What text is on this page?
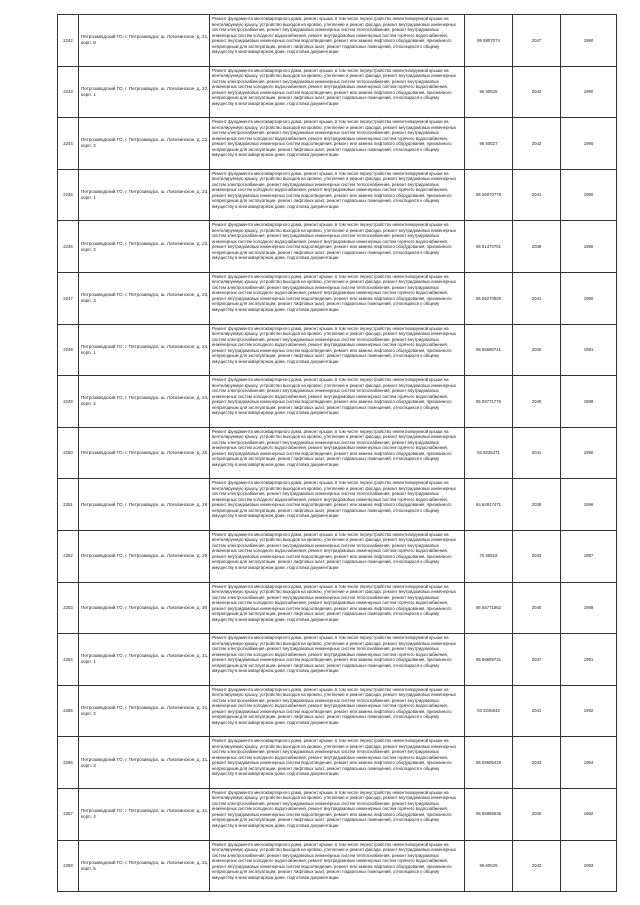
2242	Петрозаводский ГО, г. Петрозаводск, ш. Лososинское, д. 21, корп. 8	Ремонт фундамента многоквартирного дома, ремонт крыши, в том числе переустройство невентилируемой крыши на вентилируемую крышу, устройство выходов на кровлю, утепление и ремонт фасада, ремонт внутридомовых инженерных систем электроснабжения, ремонт внутридомовых инженерных систем теплоснабжения, ремонт внутридомовых инженерных систем холодного водоснабжения, ремонт внутридомовых инженерных систем горячего водоснабжения, ремонт внутридомовых инженерных систем водоотведения, ремонт или замена лифтового оборудования, признанного непригодным для эксплуатации, ремонт лифтовых шахт, ремонт подвальных помещений, относящихся к общему имуществу в многоквартирном доме, подготовка документации	95 5807074	2047	1990
2243	Петрозаводский ГО, г. Петрозаводск, ш. Лososинское, д. 22, корп. 1	Ремонт фундамента многоквартирного дома, ремонт крыши, в том числе переустройство невентилируемой крыши на вентилируемую крышу, устройство выходов на кровлю, утепление и ремонт фасада, ремонт внутридомовых инженерных систем электроснабжения, ремонт внутридомовых инженерных систем теплоснабжения, ремонт внутридомовых инженерных систем холодного водоснабжения, ремонт внутридомовых инженерных систем горячего водоснабжения, ремонт внутридомовых инженерных систем водоотведения, ремонт или замена лифтового оборудования, признанного непригодным для эксплуатации, ремонт лифтовых шахт, ремонт подвальных помещений, относящихся к общему имуществу в многоквартирном доме, подготовка документации	96 60525	2042	1990
2244	Петрозаводский ГО, г. Петрозаводск, ш. Лososинское, д. 22, корп. 2	Ремонт фундамента многоквартирного дома, ремонт крыши, в том числе переустройство невентилируемой крыши на вентилируемую крышу, устройство выходов на кровлю, утепление и ремонт фасада, ремонт внутридомовых инженерных систем электроснабжения, ремонт внутридомовых инженерных систем теплоснабжения, ремонт внутридомовых инженерных систем холодного водоснабжения, ремонт внутридомовых инженерных систем горячего водоснабжения, ремонт внутридомовых инженерных систем водоотведения, ремонт или замена лифтового оборудования, признанного непригодным для эксплуатации, ремонт лифтовых шахт, ремонт подвальных помещений, относящихся к общему имуществу в многоквартирном доме, подготовка документации	96 60527	2042	1990
2245	Петрозаводский ГО, г. Петрозаводск, ш. Лososинское, д. 23, корп. 1	Ремонт фундамента многоквартирного дома, ремонт крыши, в том числе переустройство невентилируемой крыши на вентилируемую крышу, устройство выходов на кровлю, утепление и ремонт фасада, ремонт внутридомовых инженерных систем электроснабжения, ремонт внутридомовых инженерных систем теплоснабжения, ремонт внутридомовых инженерных систем холодного водоснабжения, ремонт внутридомовых инженерных систем горячего водоснабжения, ремонт внутридомовых инженерных систем водоотведения, ремонт или замена лифтового оборудования, признанного непригодным для эксплуатации, ремонт лифтовых шахт, ремонт подвальных помещений, относящихся к общему имуществу в многоквартирном доме, подготовка документации	95 56070778	2041	1990
2246	Петрозаводский ГО, г. Петрозаводск, ш. Лososинское, д. 23, корп. 2	Ремонт фундамента многоквартирного дома, ремонт крыши, в том числе переустройство невентилируемой крыши на вентилируемую крышу, устройство выходов на кровлю, утепление и ремонт фасада, ремонт внутридомовых инженерных систем электроснабжения, ремонт внутридомовых инженерных систем теплоснабжения, ремонт внутридомовых инженерных систем холодного водоснабжения, ремонт внутридомовых инженерных систем горячего водоснабжения, ремонт внутридомовых инженерных систем водоотведения, ремонт или замена лифтового оборудования, признанного непригодным для эксплуатации, ремонт лифтовых шахт, ремонт подвальных помещений, относящихся к общему имуществу в многоквартирном доме, подготовка документации	95 51470701	2039	1990
2247	Петрозаводский ГО, г. Петрозаводск, ш. Лososинское, д. 23, корп. 3	Ремонт фундамента многоквартирного дома, ремонт крыши, в том числе переустройство невентилируемой крыши на вентилируемую крышу, устройство выходов на кровлю, утепление и ремонт фасада, ремонт внутридомовых инженерных систем электроснабжения, ремонт внутридомовых инженерных систем теплоснабжения, ремонт внутридомовых инженерных систем холодного водоснабжения, ремонт внутридомовых инженерных систем горячего водоснабжения, ремонт внутридомовых инженерных систем водоотведения, ремонт или замена лифтового оборудования, признанного непригодным для эксплуатации, ремонт лифтовых шахт, ремонт подвальных помещений, относящихся к общему имуществу в многоквартирном доме, подготовка документации	95 59270906	2041	1990
2248	Петрозаводский ГО, г. Петрозаводск, ш. Лososинское, д. 24, корп. 1	Ремонт фундамента многоквартирного дома, ремонт крыши, в том числе переустройство невентилируемой крыши на вентилируемую крышу, устройство выходов на кровлю, утепление и ремонт фасада, ремонт внутридомовых инженерных систем электроснабжения, ремонт внутридомовых инженерных систем теплоснабжения, ремонт внутридомовых инженерных систем холодного водоснабжения, ремонт внутридомовых инженерных систем горячего водоснабжения, ремонт внутридомовых инженерных систем водоотведения, ремонт или замена лифтового оборудования, признанного непригодным для эксплуатации, ремонт лифтовых шахт, ремонт подвальных помещений, относящихся к общему имуществу в многоквартирном доме, подготовка документации	95 56680741	2040	1991
2249	Петрозаводский ГО, г. Петрозаводск, ш. Лososинское, д. 24, корп. 2	Ремонт фундамента многоквартирного дома, ремонт крыши, в том числе переустройство невентилируемой крыши на вентилируемую крышу, устройство выходов на кровлю, утепление и ремонт фасада, ремонт внутридомовых инженерных систем электроснабжения, ремонт внутридомовых инженерных систем теплоснабжения, ремонт внутридомовых инженерных систем холодного водоснабжения, ремонт внутридомовых инженерных систем горячего водоснабжения, ремонт внутридомовых инженерных систем водоотведения, ремонт или замена лифтового оборудования, признанного непригодным для эксплуатации, ремонт лифтовых шахт, ремонт подвальных помещений, относящихся к общему имуществу в многоквартирном доме, подготовка документации	95 08771776	2040	1989
2250	Петрозаводский ГО, г. Петрозаводск, ш. Лososинское, д. 25	Ремонт фундамента многоквартирного дома, ремонт крыши, в том числе переустройство невентилируемой крыши на вентилируемую крышу, устройство выходов на кровлю, утепление и ремонт фасада, ремонт внутридомовых инженерных систем электроснабжения, ремонт внутридомовых инженерных систем теплоснабжения, ремонт внутридомовых инженерных систем холодного водоснабжения, ремонт внутридомовых инженерных систем горячего водоснабжения, ремонт внутридомовых инженерных систем водоотведения, ремонт или замена лифтового оборудования, признанного непригодным для эксплуатации, ремонт лифтовых шахт, ремонт подвальных помещений, относящихся к общему имуществу в многоквартирном доме, подготовка документации	92 9236471	2041	1990
2251	Петрозаводский ГО, г. Петрозаводск, ш. Лososинское, д. 28	Ремонт фундамента многоквартирного дома, ремонт крыши, в том числе переустройство невентилируемой крыши на вентилируемую крышу, устройство выходов на кровлю, утепление и ремонт фасада, ремонт внутридомовых инженерных систем электроснабжения, ремонт внутридомовых инженерных систем теплоснабжения, ремонт внутридомовых инженерных систем холодного водоснабжения, ремонт внутридомовых инженерных систем горячего водоснабжения, ремонт внутридомовых инженерных систем водоотведения, ремонт или замена лифтового оборудования, признанного непригодным для эксплуатации, ремонт лифтовых шахт, ремонт подвальных помещений, относящихся к общему имуществу в многоквартирном доме, подготовка документации	84 64917471	2038	1996
2252	Петрозаводский ГО, г. Петрозаводск, ш. Лososинское, д. 29	Ремонт фундамента многоквартирного дома, ремонт крыши, в том числе переустройство невентилируемой крыши на вентилируемую крышу, устройство выходов на кровлю, утепление и ремонт фасада, ремонт внутридомовых инженерных систем электроснабжения, ремонт внутридомовых инженерных систем теплоснабжения, ремонт внутридомовых инженерных систем холодного водоснабжения, ремонт внутридомовых инженерных систем горячего водоснабжения, ремонт внутридомовых инженерных систем водоотведения, ремонт или замена лифтового оборудования, признанного непригодным для эксплуатации, ремонт лифтовых шахт, ремонт подвальных помещений, относящихся к общему имуществу в многоквартирном доме, подготовка документации	75 65518	2043	1987
2253	Петрозаводский ГО, г. Петрозаводск, ш. Лososинское, д. 30	Ремонт фундамента многоквартирного дома, ремонт крыши, в том числе переустройство невентилируемой крыши на вентилируемую крышу, устройство выходов на кровлю, утепление и ремонт фасада, ремонт внутридомовых инженерных систем электроснабжения, ремонт внутридомовых инженерных систем теплоснабжения, ремонт внутридомовых инженерных систем холодного водоснабжения, ремонт внутридомовых инженерных систем горячего водоснабжения, ремонт внутридомовых инженерных систем водоотведения, ремонт или замена лифтового оборудования, признанного непригодным для эксплуатации, ремонт лифтовых шахт, ремонт подвальных помещений, относящихся к общему имуществу в многоквартирном доме, подготовка документации	95 55771862	2040	1989
2254	Петрозаводский ГО, г. Петрозаводск, ш. Лososинское, д. 31, корп. 1	Ремонт фундамента многоквартирного дома, ремонт крыши, в том числе переустройство невентилируемой крыши на вентилируемую крышу, устройство выходов на кровлю, утепление и ремонт фасада, ремонт внутридомовых инженерных систем электроснабжения, ремонт внутридомовых инженерных систем теплоснабжения, ремонт внутридомовых инженерных систем холодного водоснабжения, ремонт внутридомовых инженерных систем горячего водоснабжения, ремонт внутридомовых инженерных систем водоотведения, ремонт или замена лифтового оборудования, признанного непригодным для эксплуатации, ремонт лифтовых шахт, ремонт подвальных помещений, относящихся к общему имуществу в многоквартирном доме, подготовка документации	95 58689731	2047	1991
2255	Петрозаводский ГО, г. Петрозаводск, ш. Лososинское, д. 31, корп. 2	Ремонт фундамента многоквартирного дома, ремонт крыши, в том числе переустройство невентилируемой крыши на вентилируемую крышу, устройство выходов на кровлю, утепление и ремонт фасада, ремонт внутридомовых инженерных систем электроснабжения, ремонт внутридомовых инженерных систем теплоснабжения, ремонт внутридомовых инженерных систем холодного водоснабжения, ремонт внутридомовых инженерных систем горячего водоснабжения, ремонт внутридомовых инженерных систем водоотведения, ремонт или замена лифтового оборудования, признанного непригодным для эксплуатации, ремонт лифтовых шахт, ремонт подвальных помещений, относящихся к общему имуществу в многоквартирном доме, подготовка документации	93 3245642	2041	1992
2256	Петрозаводский ГО, г. Петрозаводск, ш. Лososинское, д. 31, корп. 3	Ремонт фундамента многоквартирного дома, ремонт крыши, в том числе переустройство невентилируемой крыши на вентилируемую крышу, устройство выходов на кровлю, утепление и ремонт фасада, ремонт внутридомовых инженерных систем электроснабжения, ремонт внутридомовых инженерных систем теплоснабжения, ремонт внутридомовых инженерных систем холодного водоснабжения, ремонт внутридомовых инженерных систем горячего водоснабжения, ремонт внутридомовых инженерных систем водоотведения, ремонт или замена лифтового оборудования, признанного непригодным для эксплуатации, ремонт лифтовых шахт, ремонт подвальных помещений, относящихся к общему имуществу в многоквартирном доме, подготовка документации	95 58685429	2043	1994
2257	Петрозаводский ГО, г. Петрозаводск, ш. Лososинское, д. 31, корп. 4	Ремонт фундамента многоквартирного дома, ремонт крыши, в том числе переустройство невентилируемой крыши на вентилируемую крышу, устройство выходов на кровлю, утепление и ремонт фасада, ремонт внутридомовых инженерных систем электроснабжения, ремонт внутридомовых инженерных систем теплоснабжения, ремонт внутридомовых инженерных систем холодного водоснабжения, ремонт внутридомовых инженерных систем горячего водоснабжения, ремонт внутридомовых инженерных систем водоотведения, ремонт или замена лифтового оборудования, признанного непригодным для эксплуатации, ремонт лифтовых шахт, ремонт подвальных помещений, относящихся к общему имуществу в многоквартирном доме, подготовка документации	95 56886635	2040	1992
2258	Петрозаводский ГО, г. Петрозаводск, ш. Лososинское, д. 31, корп. 5	Ремонт фундамента многоквартирного дома, ремонт крыши, в том числе переустройство невентилируемой крыши на вентилируемую крышу, устройство выходов на кровлю, утепление и ремонт фасада, ремонт внутридомовых инженерных систем электроснабжения, ремонт внутридомовых инженерных систем теплоснабжения, ремонт внутридомовых инженерных систем холодного водоснабжения, ремонт внутридомовых инженерных систем горячего водоснабжения, ремонт внутридомовых инженерных систем водоотведения, ремонт или замена лифтового оборудования, признанного непригодным для эксплуатации, ремонт лифтовых шахт, ремонт подвальных помещений, относящихся к общему имуществу в многоквартирном доме, подготовка документации	96 60526	2042	1993
